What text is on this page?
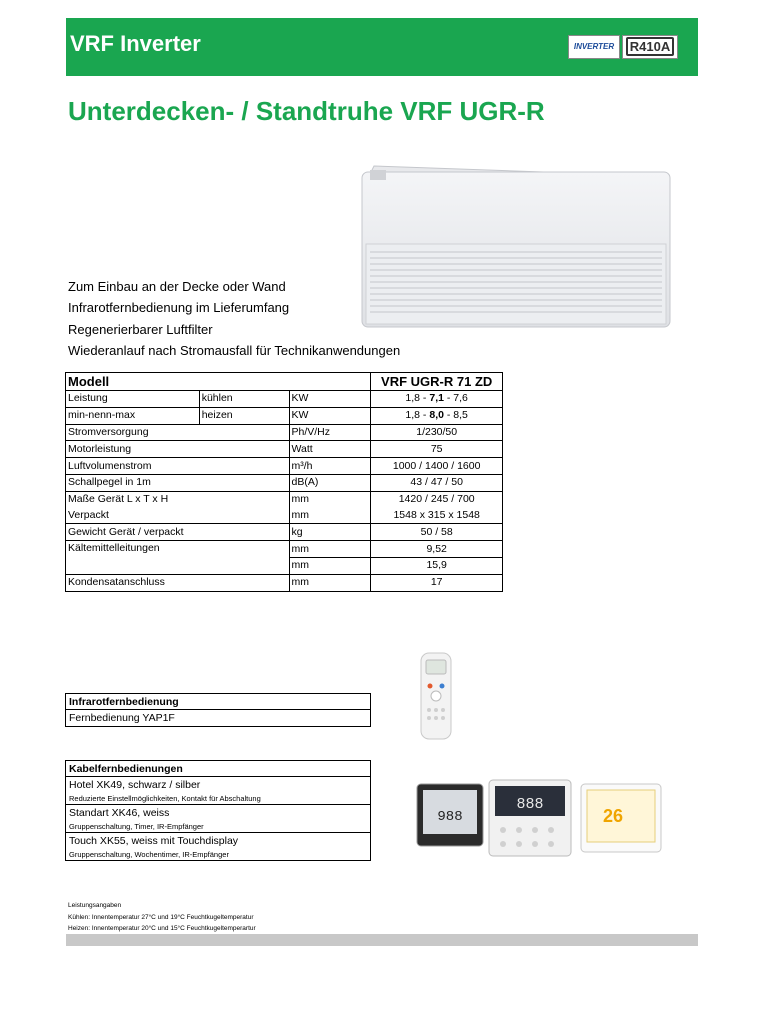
VRF Inverter	INVERTER	R410A
Unterdecken- / Standtruhe VRF UGR-R
Zum Einbau an der Decke oder Wand
Infrarotfernbedienung im Lieferumfang
Regenerierbarer Luftfilter
Wiederanlauf nach Stromausfall für Technikanwendungen
Modell			VRF UGR-R 71 ZD
Leistung	kühlen	KW	1,8 - 7,1 - 7,6
min-nenn-max	heizen	KW	1,8 - 8,0 - 8,5
Stromversorgung		Ph/V/Hz	1/230/50
Motorleistung		Watt	75
Luftvolumenstrom		m³/h	1000 / 1400 / 1600
Schallpegel in 1m		dB(A)	43 / 47 / 50
Maße Gerät L x T x H		mm	1420 / 245 / 700
Verpackt		mm	1548 x 315 x 1548
Gewicht Gerät / verpackt		kg	50 / 58
Kältemittelleitungen		mm	9,52
		mm	15,9
Kondensatanschluss		mm	17
Infrarotfernbedienung
Fernbedienung YAP1F
Kabelfernbedienungen
Hotel XK49, schwarz / silber
Reduzierte Einstellmöglichkeiten, Kontakt für Abschaltung
Standart XK46, weiss
Gruppenschaltung, Timer, IR-Empfänger
Touch XK55, weiss mit Touchdisplay
Gruppenschaltung, Wochentimer, IR-Empfänger
988
888
26
Leistungsangaben
Kühlen: Innentemperatur 27°C und 19°C Feuchtkugeltemperatur
Heizen: Innentemperatur 20°C und 15°C Feuchtkugeltemperartur
